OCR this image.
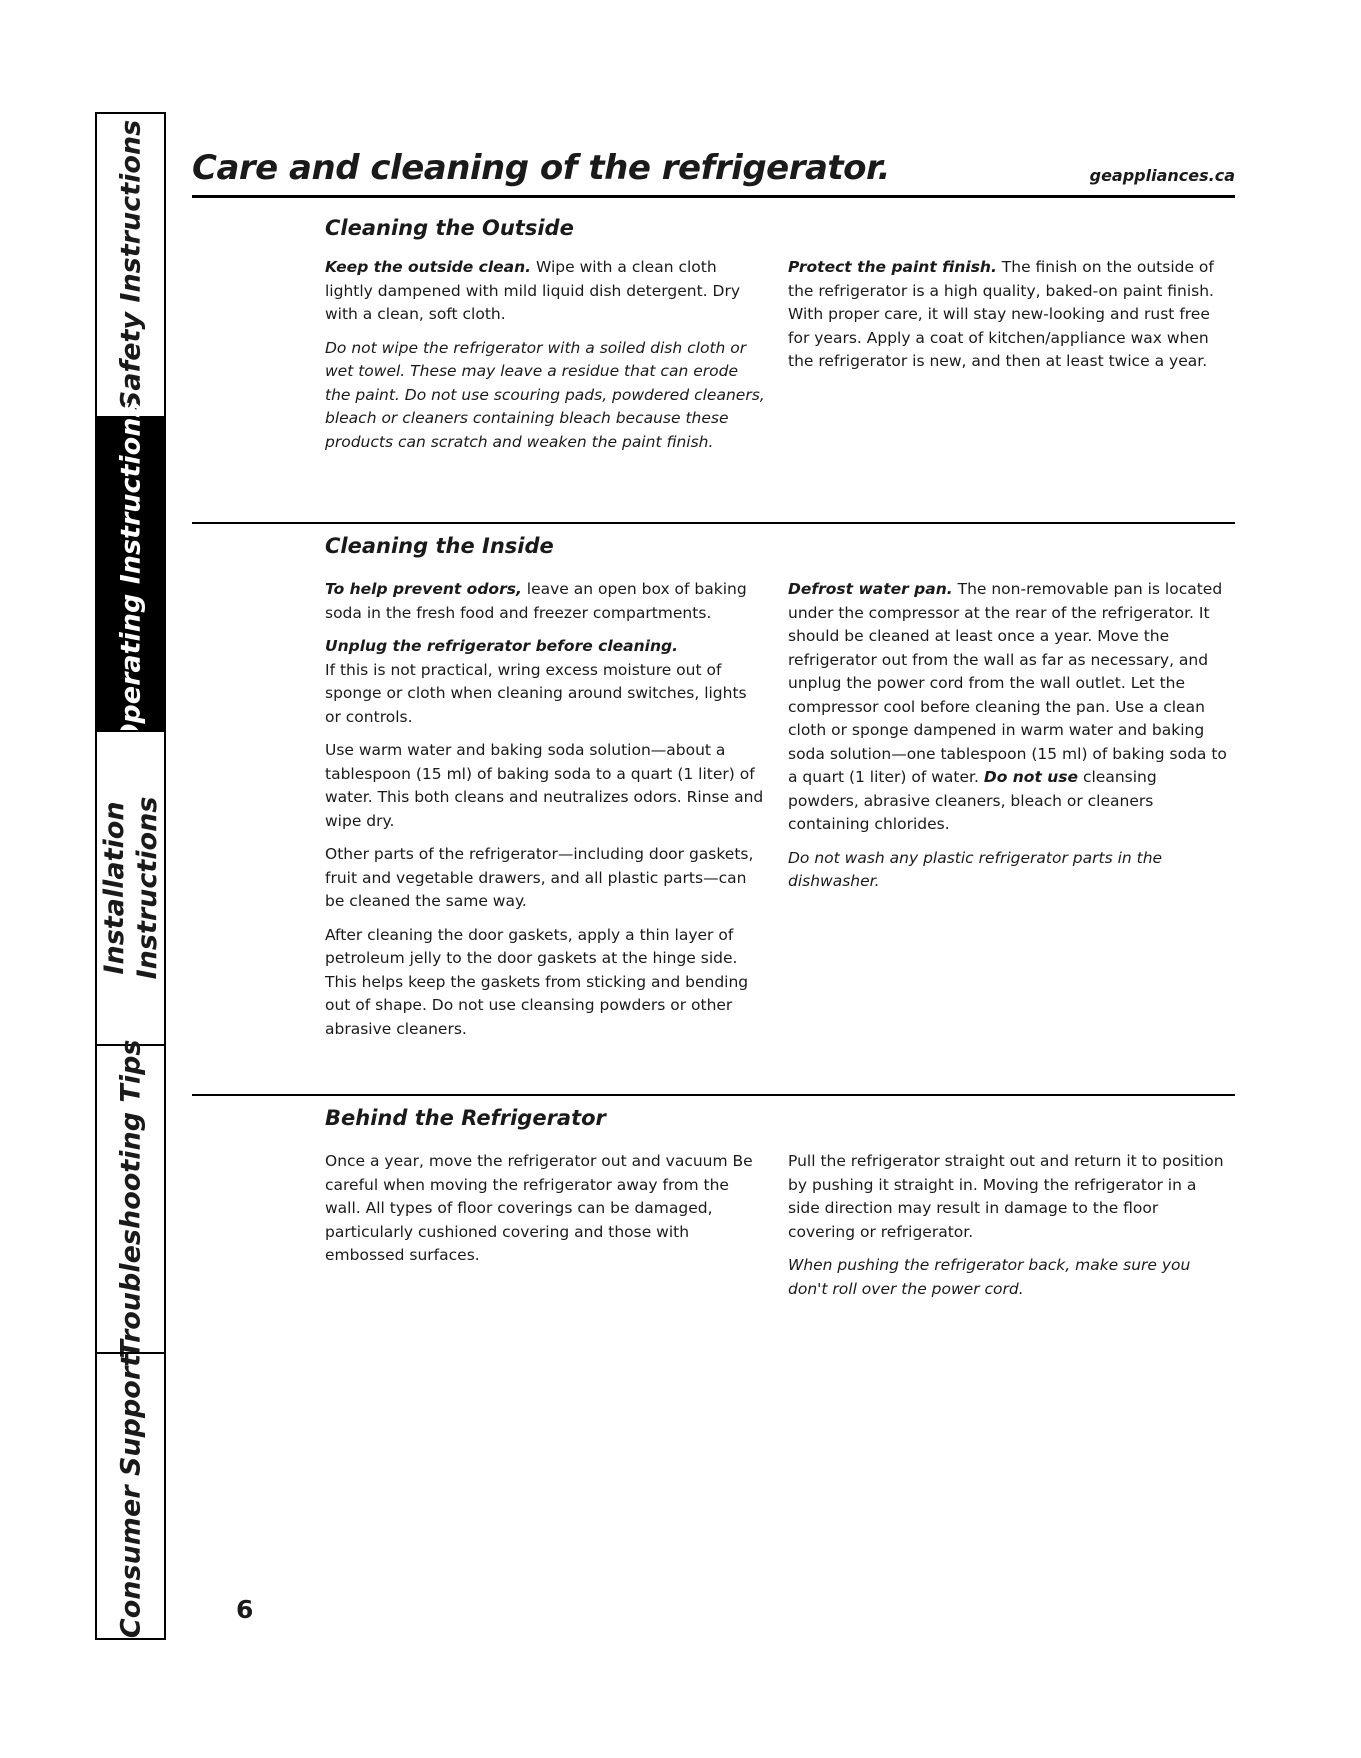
Safety Instructions
Operating Instructions
Installation Instructions
Troubleshooting Tips
Consumer Support
Care and cleaning of the refrigerator.	geappliances.ca
Cleaning the Outside

Keep the outside clean. Wipe with a clean cloth lightly dampened with mild liquid dish detergent. Dry with a clean, soft cloth.

Do not wipe the refrigerator with a soiled dish cloth or wet towel. These may leave a residue that can erode the paint. Do not use scouring pads, powdered cleaners, bleach or cleaners containing bleach because these products can scratch and weaken the paint finish.

Protect the paint finish. The finish on the outside of the refrigerator is a high quality, baked-on paint finish. With proper care, it will stay new-looking and rust free for years. Apply a coat of kitchen/appliance wax when the refrigerator is new, and then at least twice a year.

Cleaning the Inside

To help prevent odors, leave an open box of baking soda in the fresh food and freezer compartments.

Unplug the refrigerator before cleaning.
If this is not practical, wring excess moisture out of sponge or cloth when cleaning around switches, lights or controls.

Use warm water and baking soda solution—about a tablespoon (15 ml) of baking soda to a quart (1 liter) of water. This both cleans and neutralizes odors. Rinse and wipe dry.

Other parts of the refrigerator—including door gaskets, fruit and vegetable drawers, and all plastic parts—can be cleaned the same way.

After cleaning the door gaskets, apply a thin layer of petroleum jelly to the door gaskets at the hinge side. This helps keep the gaskets from sticking and bending out of shape. Do not use cleansing powders or other abrasive cleaners.

Defrost water pan. The non-removable pan is located under the compressor at the rear of the refrigerator. It should be cleaned at least once a year. Move the refrigerator out from the wall as far as necessary, and unplug the power cord from the wall outlet. Let the compressor cool before cleaning the pan. Use a clean cloth or sponge dampened in warm water and baking soda solution—one tablespoon (15 ml) of baking soda to a quart (1 liter) of water. Do not use cleansing powders, abrasive cleaners, bleach or cleaners containing chlorides.

Do not wash any plastic refrigerator parts in the dishwasher.

Behind the Refrigerator

Once a year, move the refrigerator out and vacuum Be careful when moving the refrigerator away from the wall. All types of floor coverings can be damaged, particularly cushioned covering and those with embossed surfaces.

Pull the refrigerator straight out and return it to position by pushing it straight in. Moving the refrigerator in a side direction may result in damage to the floor covering or refrigerator.

When pushing the refrigerator back, make sure you don't roll over the power cord.

6
